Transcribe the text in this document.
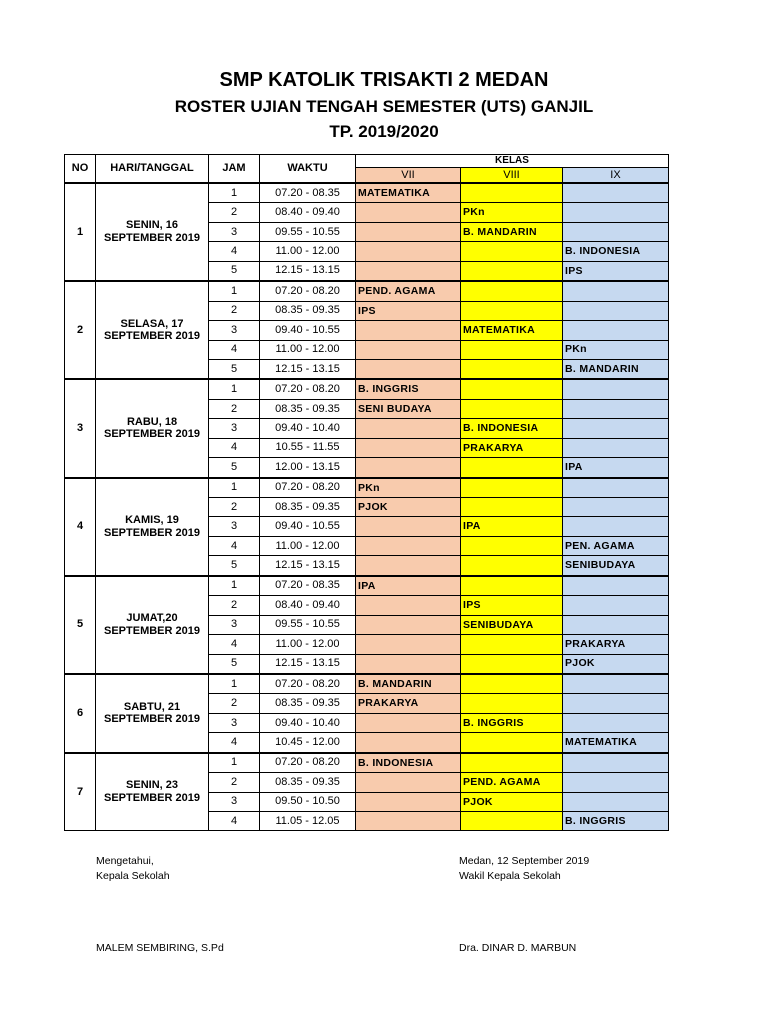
SMP KATOLIK TRISAKTI 2 MEDAN
ROSTER UJIAN TENGAH SEMESTER (UTS) GANJIL
TP. 2019/2020
NO	HARI/TANGGAL	JAM	WAKTU	KELAS		
				VII	VIII	IX
1	SENIN, 16
SEPTEMBER 2019	1	07.20 - 08.35	MATEMATIKA		
		2	08.40 - 09.40		PKn	
		3	09.55 - 10.55		B. MANDARIN	
		4	11.00 - 12.00			B. INDONESIA
		5	12.15 - 13.15			IPS
2	SELASA, 17
SEPTEMBER 2019	1	07.20 - 08.20	PEND. AGAMA		
		2	08.35 - 09.35	IPS		
		3	09.40 - 10.55		MATEMATIKA	
		4	11.00 - 12.00			PKn
		5	12.15 - 13.15			B. MANDARIN
3	RABU, 18
SEPTEMBER 2019	1	07.20 - 08.20	B. INGGRIS		
		2	08.35 - 09.35	SENI BUDAYA		
		3	09.40 - 10.40		B. INDONESIA	
		4	10.55 - 11.55		PRAKARYA	
		5	12.00 - 13.15			IPA
4	KAMIS, 19
SEPTEMBER 2019	1	07.20 - 08.20	PKn		
		2	08.35 - 09.35	PJOK		
		3	09.40 - 10.55		IPA	
		4	11.00 - 12.00			PEN. AGAMA
		5	12.15 - 13.15			SENIBUDAYA
5	JUMAT,20
SEPTEMBER 2019	1	07.20 - 08.35	IPA		
		2	08.40 - 09.40		IPS	
		3	09.55 - 10.55		SENIBUDAYA	
		4	11.00 - 12.00			PRAKARYA
		5	12.15 - 13.15			PJOK
6	SABTU, 21
SEPTEMBER 2019	1	07.20 - 08.20	B. MANDARIN		
		2	08.35 - 09.35	PRAKARYA		
		3	09.40 - 10.40		B. INGGRIS	
		4	10.45 - 12.00			MATEMATIKA
7	SENIN, 23
SEPTEMBER 2019	1	07.20 - 08.20	B. INDONESIA		
		2	08.35 - 09.35		PEND. AGAMA	
		3	09.50 - 10.50		PJOK	
		4	11.05 - 12.05			B. INGGRIS
Mengetahui,
Kepala Sekolah
Medan, 12 September 2019
Wakil Kepala Sekolah
MALEM SEMBIRING, S.Pd	Dra. DINAR D. MARBUN
